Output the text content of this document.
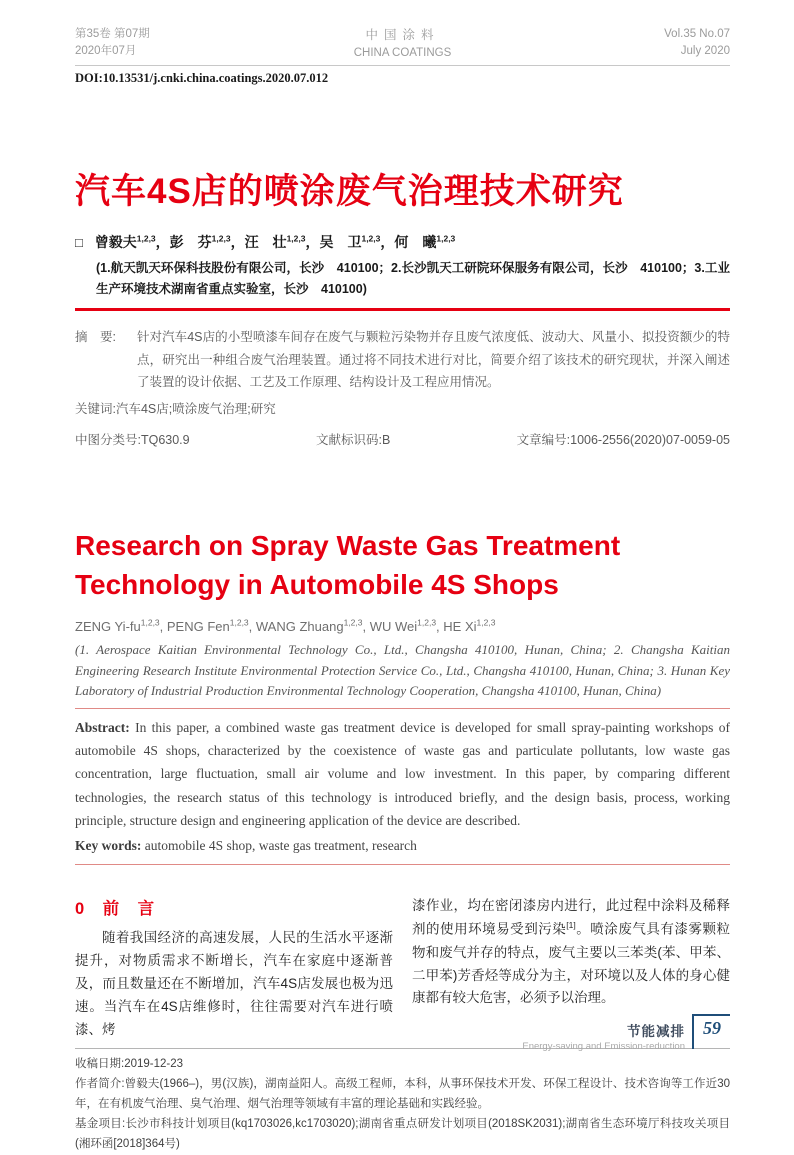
第35卷 第07期
2020年07月
中国涂料
CHINA COATINGS
Vol.35 No.07
July 2020
DOI:10.13531/j.cnki.china.coatings.2020.07.012
汽车4S店的喷涂废气治理技术研究
□ 曾毅夫$^{1,2,3}$，彭　芬$^{1,2,3}$，汪　壮$^{1,2,3}$，吴　卫$^{1,2,3}$，何　曦$^{1,2,3}$
(1.航天凯天环保科技股份有限公司，长沙　410100；2.长沙凯天工研院环保服务有限公司，长沙　410100；3.工业生产环境技术湖南省重点实验室，长沙　410100)
摘　要:	针对汽车4S店的小型喷漆车间存在废气与颗粒污染物并存且废气浓度低、波动大、风量小、拟投资额少的特点，研究出一种组合废气治理装置。通过将不同技术进行对比，简要介绍了该技术的研究现状，并深入阐述了装置的设计依据、工艺及工作原理、结构设计及工程应用情况。
关键词:汽车4S店;喷涂废气治理;研究
中图分类号:TQ630.9	文献标识码:B	文章编号:1006-2556(2020)07-0059-05
Research on Spray Waste Gas Treatment Technology in Automobile 4S Shops
ZENG Yi-fu$^{1,2,3}$, PENG Fen$^{1,2,3}$, WANG Zhuang$^{1,2,3}$, WU Wei$^{1,2,3}$, HE Xi$^{1,2,3}$
(1. Aerospace Kaitian Environmental Technology Co., Ltd., Changsha 410100, Hunan, China; 2. Changsha Kaitian Engineering Research Institute Environmental Protection Service Co., Ltd., Changsha 410100, Hunan, China; 3. Hunan Key Laboratory of Industrial Production Environmental Technology Cooperation, Changsha 410100, Hunan, China)

Abstract: In this paper, a combined waste gas treatment device is developed for small spray-painting workshops of automobile 4S shops, characterized by the coexistence of waste gas and particulate pollutants, low waste gas concentration, large fluctuation, small air volume and low investment. In this paper, by comparing different technologies, the research status of this technology is introduced briefly, and the design basis, process, working principle, structure design and engineering application of the device are described.

Key words: automobile 4S shop, waste gas treatment, research

0　前　言

随着我国经济的高速发展，人民的生活水平逐渐提升，对物质需求不断增长，汽车在家庭中逐渐普及，而且数量还在不断增加，汽车4S店发展也极为迅速。当汽车在4S店维修时，往往需要对汽车进行喷漆、烤

漆作业，均在密闭漆房内进行，此过程中涂料及稀释剂的使用环境易受到污染[1]。喷涂废气具有漆雾颗粒物和废气并存的特点，废气主要以三苯类(苯、甲苯、二甲苯)芳香烃等成分为主，对环境以及人体的身心健康都有较大危害，必须予以治理。

收稿日期:2019-12-23

作者简介:曾毅夫(1966–)，男(汉族)，湖南益阳人。高级工程师，本科，从事环保技术开发、环保工程设计、技术咨询等工作近30年，在有机废气治理、臭气治理、烟气治理等领域有丰富的理论基础和实践经验。

基金项目:长沙市科技计划项目(kq1703026,kc1703020);湖南省重点研发计划项目(2018SK2031);湖南省生态环境厅科技攻关项目(湘环函[2018]364号)

节能减排
Energy-saving and Emission-reduction
59
